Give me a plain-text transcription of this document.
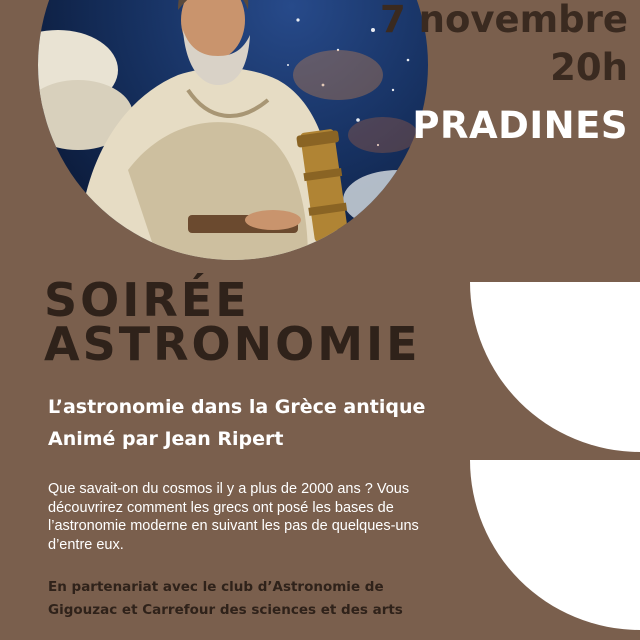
7 novembre
20h
PRADINES
SOIRÉE
ASTRONOMIE
L’astronomie dans la Grèce antique
Animé par Jean Ripert
Que savait-on du cosmos il y a plus de 2000 ans ? Vous découvrirez comment les grecs ont posé les bases de l’astronomie moderne en suivant les pas de quelques-uns d’entre eux.
En partenariat avec le club d’Astronomie de
Gigouzac et Carrefour des sciences et des arts
